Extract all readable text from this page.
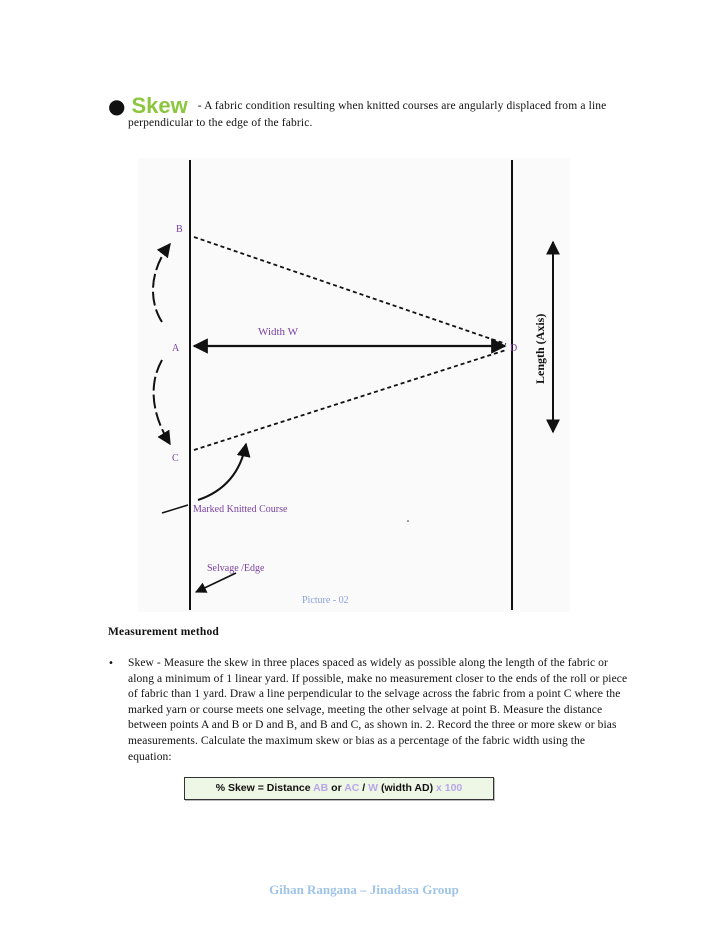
● Skew - A fabric condition resulting when knitted courses are angularly displaced from a line
perpendicular to the edge of the fabric.
B
A
C
D
Width W	Length (Axis)
Marked Knitted Course
Selvage /Edge
Picture - 02
Measurement method
• Skew - Measure the skew in three places spaced as widely as possible along the length of the fabric or along a minimum of 1 linear yard. If possible, make no measurement closer to the ends of the roll or piece of fabric than 1 yard. Draw a line perpendicular to the selvage across the fabric from a point C where the marked yarn or course meets one selvage, meeting the other selvage at point B. Measure the distance between points A and B or D and B, and B and C, as shown in. 2. Record the three or more skew or bias measurements. Calculate the maximum skew or bias as a percentage of the fabric width using the equation:
% Skew = Distance AB or AC / W (width AD) x 100
Gihan Rangana – Jinadasa Group
